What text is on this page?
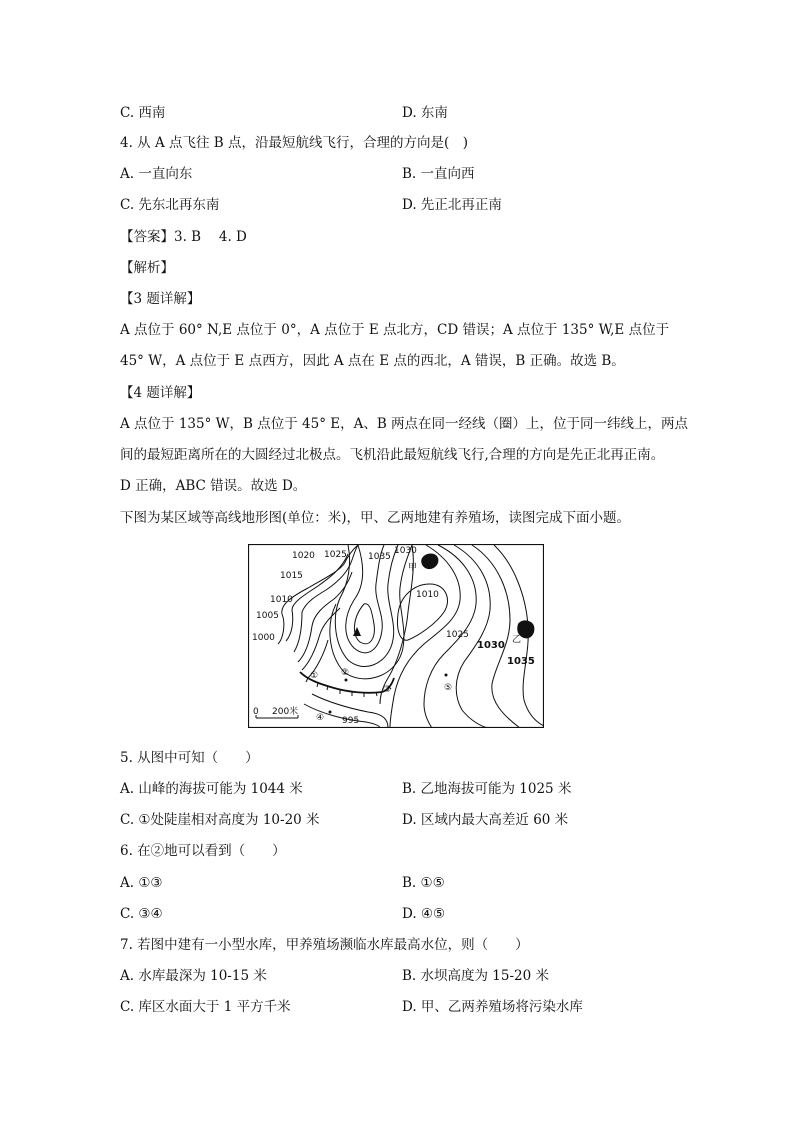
C. 西南	D. 东南
4. 从 A 点飞往 B 点，沿最短航线飞行，合理的方向是(　)
A. 一直向东	B. 一直向西
C. 先东北再东南	D. 先正北再正南
【答案】3. B　 4. D
【解析】
【3 题详解】
A 点位于 60° N,E 点位于 0°，A 点位于 E 点北方，CD 错误；A 点位于 135° W,E 点位于
45° W，A 点位于 E 点西方，因此 A 点在 E 点的西北，A 错误，B 正确。故选 B。
【4 题详解】
A 点位于 135° W，B 点位于 45° E，A、B 两点在同一经线（圈）上，位于同一纬线上，两点
间的最短距离所在的大圆经过北极点。飞机沿此最短航线飞行,合理的方向是先正北再正南。
D 正确，ABC 错误。故选 D。
下图为某区域等高线地形图(单位：米)，甲、乙两地建有养殖场，读图完成下面小题。
1020 1025 1035
1030
1015
1010	1010
1005
1000	1025
995
1030
1035
甲
乙
①	②
③
④
⑤
0 200米
5. 从图中可知（　　）
A. 山峰的海拔可能为 1044 米	B. 乙地海拔可能为 1025 米
C. ①处陡崖相对高度为 10-20 米	D. 区域内最大高差近 60 米
6. 在②地可以看到（　　）
A. ①③	B. ①⑤
C. ③④	D. ④⑤
7. 若图中建有一小型水库，甲养殖场濒临水库最高水位，则（　　）
A. 水库最深为 10-15 米	B. 水坝高度为 15-20 米
C. 库区水面大于 1 平方千米	D. 甲、乙两养殖场将污染水库
